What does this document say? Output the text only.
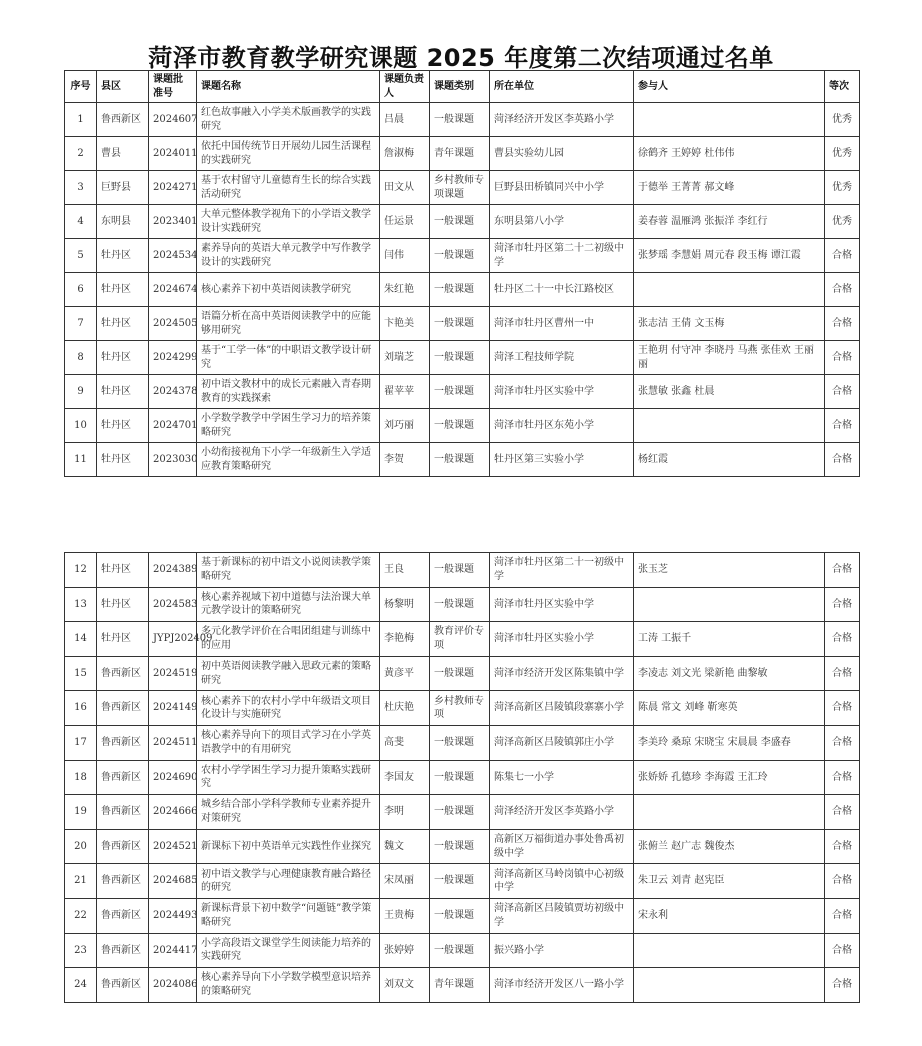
菏泽市教育教学研究课题 2025 年度第二次结项通过名单
序号	县区	课题批准号	课题名称	课题负责人	课题类别	所在单位	参与人	等次
1	鲁西新区	2024607	红色故事融入小学美术版画教学的实践研究	吕晨	一般课题	菏泽经济开发区李英路小学		优秀
2	曹县	2024011	依托中国传统节日开展幼儿园生活课程的实践研究	詹淑梅	青年课题	曹县实验幼儿园	徐鹤齐 王婷婷 杜伟伟	优秀
3	巨野县	2024271	基于农村留守儿童德育生长的综合实践活动研究	田文从	乡村教师专项课题	巨野县田桥镇同兴中小学	于德举 王菁菁 郝文峰	优秀
4	东明县	2023401	大单元整体教学视角下的小学语文教学设计实践研究	任运景	一般课题	东明县第八小学	姜春蓉 温雁鸿 张振洋 李红行	优秀
5	牡丹区	2024534	素养导向的英语大单元教学中写作教学设计的实践研究	闫伟	一般课题	菏泽市牡丹区第二十二初级中学	张梦瑶 李慧娟 周元春 段玉梅 谭江霞	合格
6	牡丹区	2024674	核心素养下初中英语阅读教学研究	朱红艳	一般课题	牡丹区二十一中长江路校区		合格
7	牡丹区	2024505	语篇分析在高中英语阅读教学中的应能够用研究	卞艳美	一般课题	菏泽市牡丹区曹州一中	张志洁 王倩 文玉梅	合格
8	牡丹区	2024299	基于“工学一体”的中职语文教学设计研究	刘瑞芝	一般课题	菏泽工程技师学院	王艳玥 付守冲 李晓丹 马燕 张佳欢 王丽丽	合格
9	牡丹区	2024378	初中语文教材中的成长元素融入青春期教育的实践探索	翟苹苹	一般课题	菏泽市牡丹区实验中学	张慧敏 张鑫 杜晨	合格
10	牡丹区	2024701	小学数学教学中学困生学习力的培养策略研究	刘巧丽	一般课题	菏泽市牡丹区东苑小学		合格
11	牡丹区	2023030	小幼衔接视角下小学一年级新生入学适应教育策略研究	李贺	一般课题	牡丹区第三实验小学	杨红霞	合格
12	牡丹区	2024389	基于新课标的初中语文小说阅读教学策略研究	王良	一般课题	菏泽市牡丹区第二十一初级中学	张玉芝	合格
13	牡丹区	2024583	核心素养视域下初中道德与法治课大单元教学设计的策略研究	杨黎明	一般课题	菏泽市牡丹区实验中学		合格
14	牡丹区	JYPJ202409	多元化教学评价在合唱团组建与训练中的应用	李艳梅	教育评价专项	菏泽市牡丹区实验小学	工涛 工振千	合格
15	鲁西新区	2024519	初中英语阅读教学融入思政元素的策略研究	黄彦平	一般课题	菏泽市经济开发区陈集镇中学	李凌志 刘文光 梁新艳 曲黎敏	合格
16	鲁西新区	2024149	核心素养下的农村小学中年级语文项目化设计与实施研究	杜庆艳	乡村教师专项	菏泽高新区吕陵镇段寨寨小学	陈晨 常文 刘峰 靳寒英	合格
17	鲁西新区	2024511	核心素养导向下的项目式学习在小学英语教学中的有用研究	高斐	一般课题	菏泽高新区吕陵镇郭庄小学	李美玲 桑琼 宋晓宝 宋晨晨 李盛春	合格
18	鲁西新区	2024690	农村小学学困生学习力提升策略实践研究	李国友	一般课题	陈集七一小学	张娇娇 孔德珍 李海霞 王汇玲	合格
19	鲁西新区	2024666	城乡结合部小学科学教师专业素养提升对策研究	李明	一般课题	菏泽经济开发区李英路小学		合格
20	鲁西新区	2024521	新课标下初中英语单元实践性作业探究	魏文	一般课题	高新区万福街道办事处鲁禹初级中学	张俯兰 赵广志 魏俊杰	合格
21	鲁西新区	2024685	初中语文教学与心理健康教育融合路径的研究	宋凤丽	一般课题	菏泽高新区马岭岗镇中心初级中学	朱卫云 刘青 赵宪臣	合格
22	鲁西新区	2024493	新课标背景下初中数学“问题链”教学策略研究	王贵梅	一般课题	菏泽高新区吕陵镇贾坊初级中学	宋永利	合格
23	鲁西新区	2024417	小学高段语文课堂学生阅读能力培养的实践研究	张婷婷	一般课题	振兴路小学		合格
24	鲁西新区	2024086	核心素养导向下小学数学模型意识培养的策略研究	刘双文	青年课题	菏泽市经济开发区八一路小学		合格
